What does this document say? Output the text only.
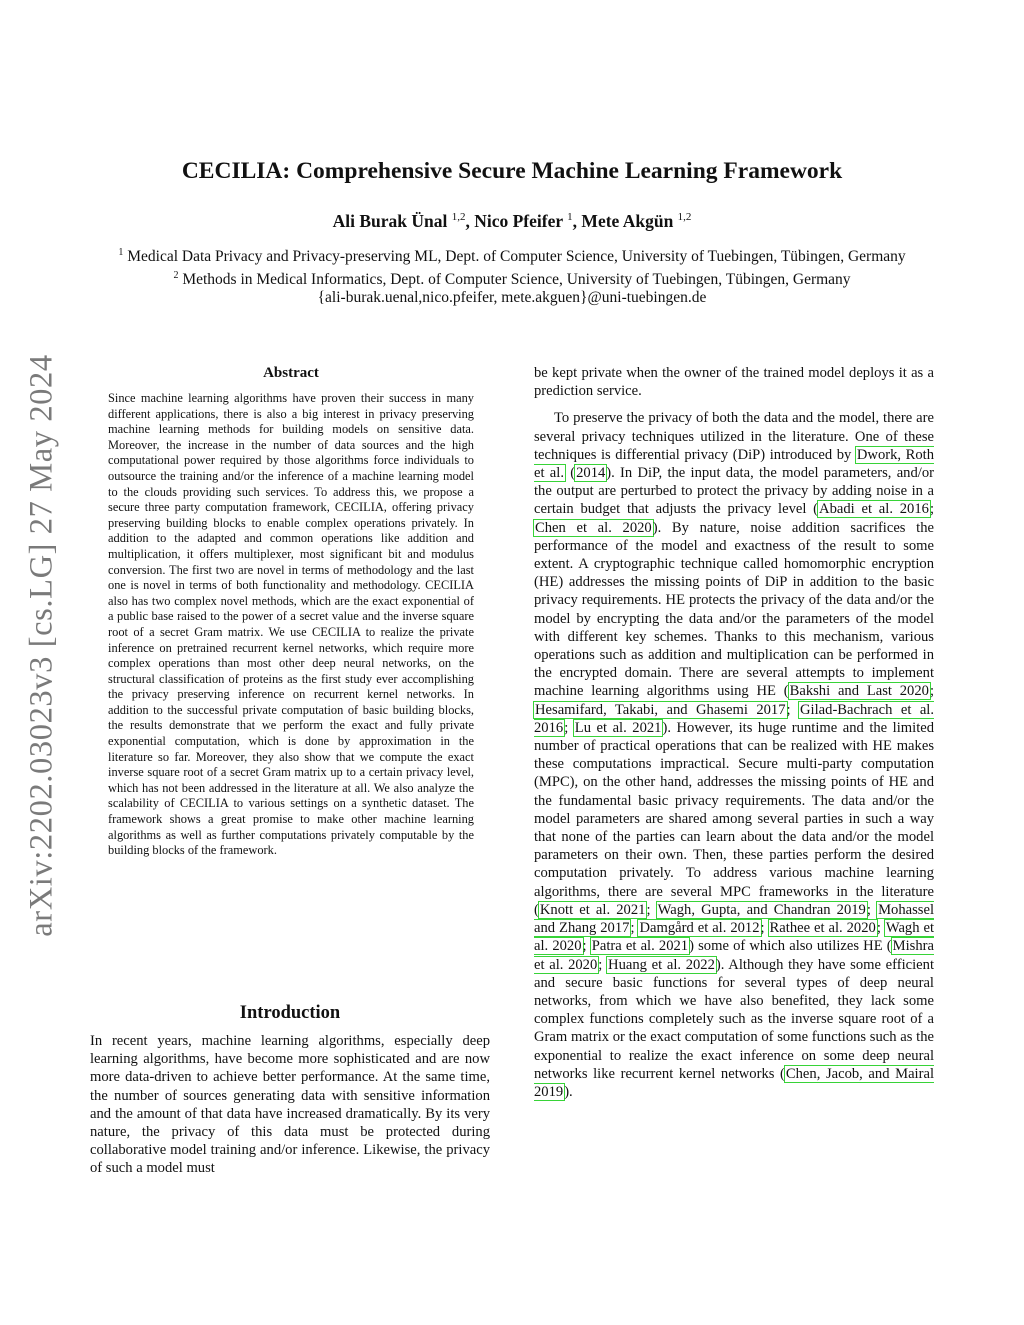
arXiv:2202.03023v3 [cs.LG] 27 May 2024
CECILIA: Comprehensive Secure Machine Learning Framework
Ali Burak Ünal $^{1,2}$, Nico Pfeifer $^1$, Mete Akgün $^{1,2}$
$^1$ Medical Data Privacy and Privacy-preserving ML, Dept. of Computer Science, University of Tuebingen, Tübingen, Germany
$^2$ Methods in Medical Informatics, Dept. of Computer Science, University of Tuebingen, Tübingen, Germany
{ali-burak.uenal,nico.pfeifer, mete.akguen}@uni-tuebingen.de
Abstract

Since machine learning algorithms have proven their success in many different applications, there is also a big interest in privacy preserving machine learning methods for building models on sensitive data. Moreover, the increase in the number of data sources and the high computational power required by those algorithms force individuals to outsource the training and/or the inference of a machine learning model to the clouds providing such services. To address this, we propose a secure three party computation framework, CECILIA, offering privacy preserving building blocks to enable complex operations privately. In addition to the adapted and common operations like addition and multiplication, it offers multiplexer, most significant bit and modulus conversion. The first two are novel in terms of methodology and the last one is novel in terms of both functionality and methodology. CECILIA also has two complex novel methods, which are the exact exponential of a public base raised to the power of a secret value and the inverse square root of a secret Gram matrix. We use CECILIA to realize the private inference on pretrained recurrent kernel networks, which require more complex operations than most other deep neural networks, on the structural classification of proteins as the first study ever accomplishing the privacy preserving inference on recurrent kernel networks. In addition to the successful private computation of basic building blocks, the results demonstrate that we perform the exact and fully private exponential computation, which is done by approximation in the literature so far. Moreover, they also show that we compute the exact inverse square root of a secret Gram matrix up to a certain privacy level, which has not been addressed in the literature at all. We also analyze the scalability of CECILIA to various settings on a synthetic dataset. The framework shows a great promise to make other machine learning algorithms as well as further computations privately computable by the building blocks of the framework.

Introduction

In recent years, machine learning algorithms, especially deep learning algorithms, have become more sophisticated and are now more data-driven to achieve better performance. At the same time, the number of sources generating data with sensitive information and the amount of that data have increased dramatically. By its very nature, the privacy of this data must be protected during collaborative model training and/or inference. Likewise, the privacy of such a model must

be kept private when the owner of the trained model deploys it as a prediction service.

To preserve the privacy of both the data and the model, there are several privacy techniques utilized in the literature. One of these techniques is differential privacy (DiP) introduced by Dwork, Roth et al. (2014). In DiP, the input data, the model parameters, and/or the output are perturbed to protect the privacy by adding noise in a certain budget that adjusts the privacy level (Abadi et al. 2016; Chen et al. 2020). By nature, noise addition sacrifices the performance of the model and exactness of the result to some extent. A cryptographic technique called homomorphic encryption (HE) addresses the missing points of DiP in addition to the basic privacy requirements. HE protects the privacy of the data and/or the model by encrypting the data and/or the parameters of the model with different key schemes. Thanks to this mechanism, various operations such as addition and multiplication can be performed in the encrypted domain. There are several attempts to implement machine learning algorithms using HE (Bakshi and Last 2020; Hesamifard, Takabi, and Ghasemi 2017; Gilad-Bachrach et al. 2016; Lu et al. 2021). However, its huge runtime and the limited number of practical operations that can be realized with HE makes these computations impractical. Secure multi-party computation (MPC), on the other hand, addresses the missing points of HE and the fundamental basic privacy requirements. The data and/or the model parameters are shared among several parties in such a way that none of the parties can learn about the data and/or the model parameters on their own. Then, these parties perform the desired computation privately. To address various machine learning algorithms, there are several MPC frameworks in the literature (Knott et al. 2021; Wagh, Gupta, and Chandran 2019; Mohassel and Zhang 2017; Damgård et al. 2012; Rathee et al. 2020; Wagh et al. 2020; Patra et al. 2021) some of which also utilizes HE (Mishra et al. 2020; Huang et al. 2022). Although they have some efficient and secure basic functions for several types of deep neural networks, from which we have also benefited, they lack some complex functions completely such as the inverse square root of a Gram matrix or the exact computation of some functions such as the exponential to realize the exact inference on some deep neural networks like recurrent kernel networks (Chen, Jacob, and Mairal 2019).
